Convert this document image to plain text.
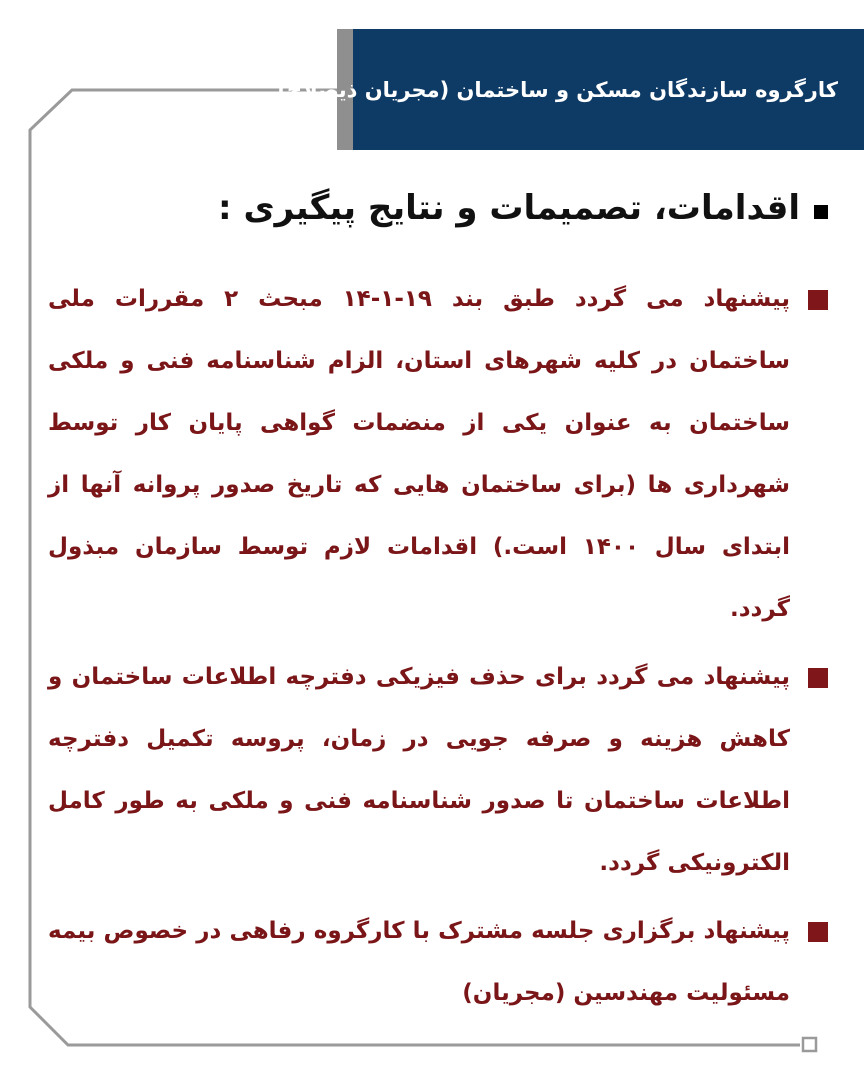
کارگروه سازندگان مسکن و ساختمان (مجریان ذیصلاح)
اقدامات، تصمیمات و نتایج پیگیری :
پیشنهاد می گردد طبق بند ۱۹-۱-۱۴ مبحث ۲ مقررات ملی ساختمان در کلیه شهرهای استان، الزام شناسنامه فنی و ملکی ساختمان به عنوان یکی از منضمات گواهی پایان کار توسط شهرداری ها (برای ساختمان هایی که تاریخ صدور پروانه آنها از ابتدای سال ۱۴۰۰ است.) اقدامات لازم توسط سازمان مبذول گردد.
پیشنهاد می گردد برای حذف فیزیکی دفترچه اطلاعات ساختمان و کاهش هزینه و صرفه جویی در زمان، پروسه تکمیل دفترچه اطلاعات ساختمان تا صدور شناسنامه فنی و ملکی به طور کامل الکترونیکی گردد.
پیشنهاد برگزاری جلسه مشترک با کارگروه رفاهی در خصوص بیمه مسئولیت مهندسین (مجریان)
